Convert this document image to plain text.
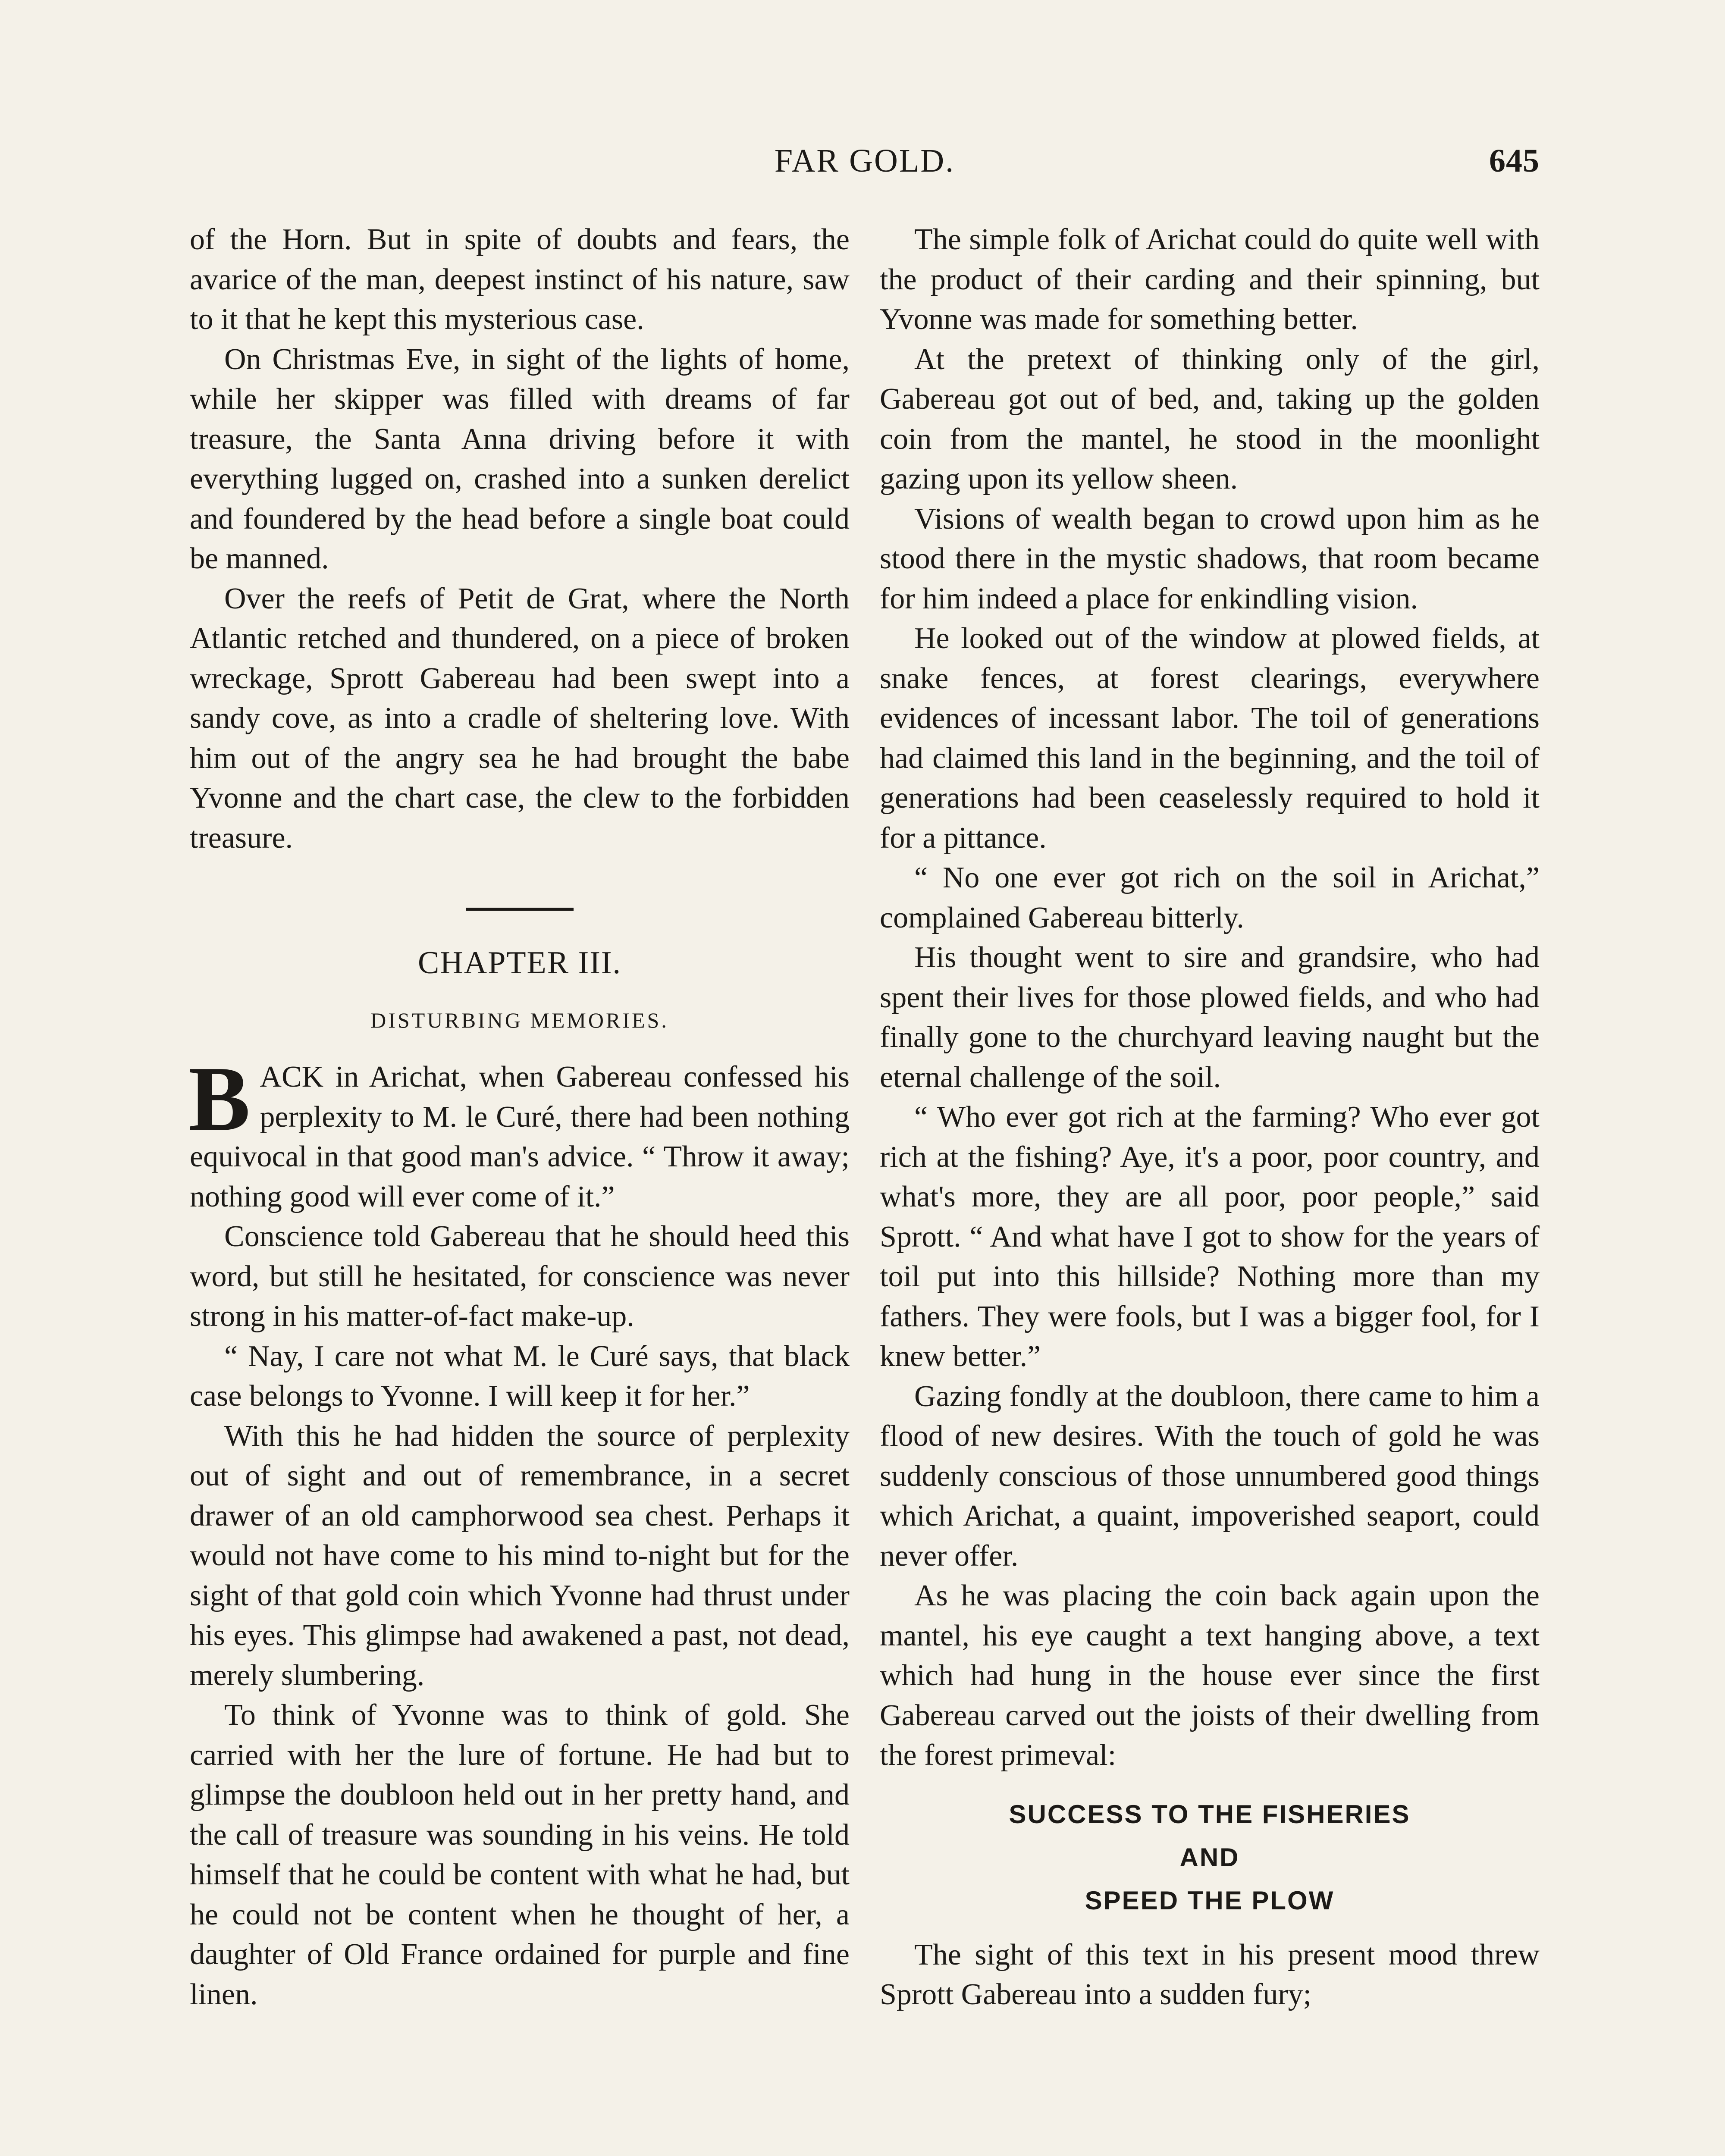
FAR GOLD.	645

of the Horn. But in spite of doubts and fears, the avarice of the man, deepest instinct of his nature, saw to it that he kept this mysterious case.

On Christmas Eve, in sight of the lights of home, while her skipper was filled with dreams of far treasure, the Santa Anna driving before it with everything lugged on, crashed into a sunken derelict and foundered by the head before a single boat could be manned.

Over the reefs of Petit de Grat, where the North Atlantic retched and thundered, on a piece of broken wreckage, Sprott Gabereau had been swept into a sandy cove, as into a cradle of sheltering love. With him out of the angry sea he had brought the babe Yvonne and the chart case, the clew to the forbidden treasure.

CHAPTER III.
DISTURBING MEMORIES.

BACK in Arichat, when Gabereau confessed his perplexity to M. le Curé, there had been nothing equivocal in that good man's advice. “ Throw it away; nothing good will ever come of it.”

Conscience told Gabereau that he should heed this word, but still he hesitated, for conscience was never strong in his matter-of-fact make-up.

“ Nay, I care not what M. le Curé says, that black case belongs to Yvonne. I will keep it for her.”

With this he had hidden the source of perplexity out of sight and out of remembrance, in a secret drawer of an old camphorwood sea chest. Perhaps it would not have come to his mind to-night but for the sight of that gold coin which Yvonne had thrust under his eyes. This glimpse had awakened a past, not dead, merely slumbering.

To think of Yvonne was to think of gold. She carried with her the lure of fortune. He had but to glimpse the doubloon held out in her pretty hand, and the call of treasure was sounding in his veins. He told himself that he could be content with what he had, but he could not be content when he thought of her, a daughter of Old France ordained for purple and fine linen.

The simple folk of Arichat could do quite well with the product of their carding and their spinning, but Yvonne was made for something better.

At the pretext of thinking only of the girl, Gabereau got out of bed, and, taking up the golden coin from the mantel, he stood in the moonlight gazing upon its yellow sheen.

Visions of wealth began to crowd upon him as he stood there in the mystic shadows, that room became for him indeed a place for enkindling vision.

He looked out of the window at plowed fields, at snake fences, at forest clearings, everywhere evidences of incessant labor. The toil of generations had claimed this land in the beginning, and the toil of generations had been ceaselessly required to hold it for a pittance.

“ No one ever got rich on the soil in Arichat,” complained Gabereau bitterly.

His thought went to sire and grandsire, who had spent their lives for those plowed fields, and who had finally gone to the churchyard leaving naught but the eternal challenge of the soil.

“ Who ever got rich at the farming? Who ever got rich at the fishing? Aye, it's a poor, poor country, and what's more, they are all poor, poor people,” said Sprott. “ And what have I got to show for the years of toil put into this hillside? Nothing more than my fathers. They were fools, but I was a bigger fool, for I knew better.”

Gazing fondly at the doubloon, there came to him a flood of new desires. With the touch of gold he was suddenly conscious of those unnumbered good things which Arichat, a quaint, impoverished seaport, could never offer.

As he was placing the coin back again upon the mantel, his eye caught a text hanging above, a text which had hung in the house ever since the first Gabereau carved out the joists of their dwelling from the forest primeval:

SUCCESS TO THE FISHERIES
AND
SPEED THE PLOW

The sight of this text in his present mood threw Sprott Gabereau into a sudden fury;
